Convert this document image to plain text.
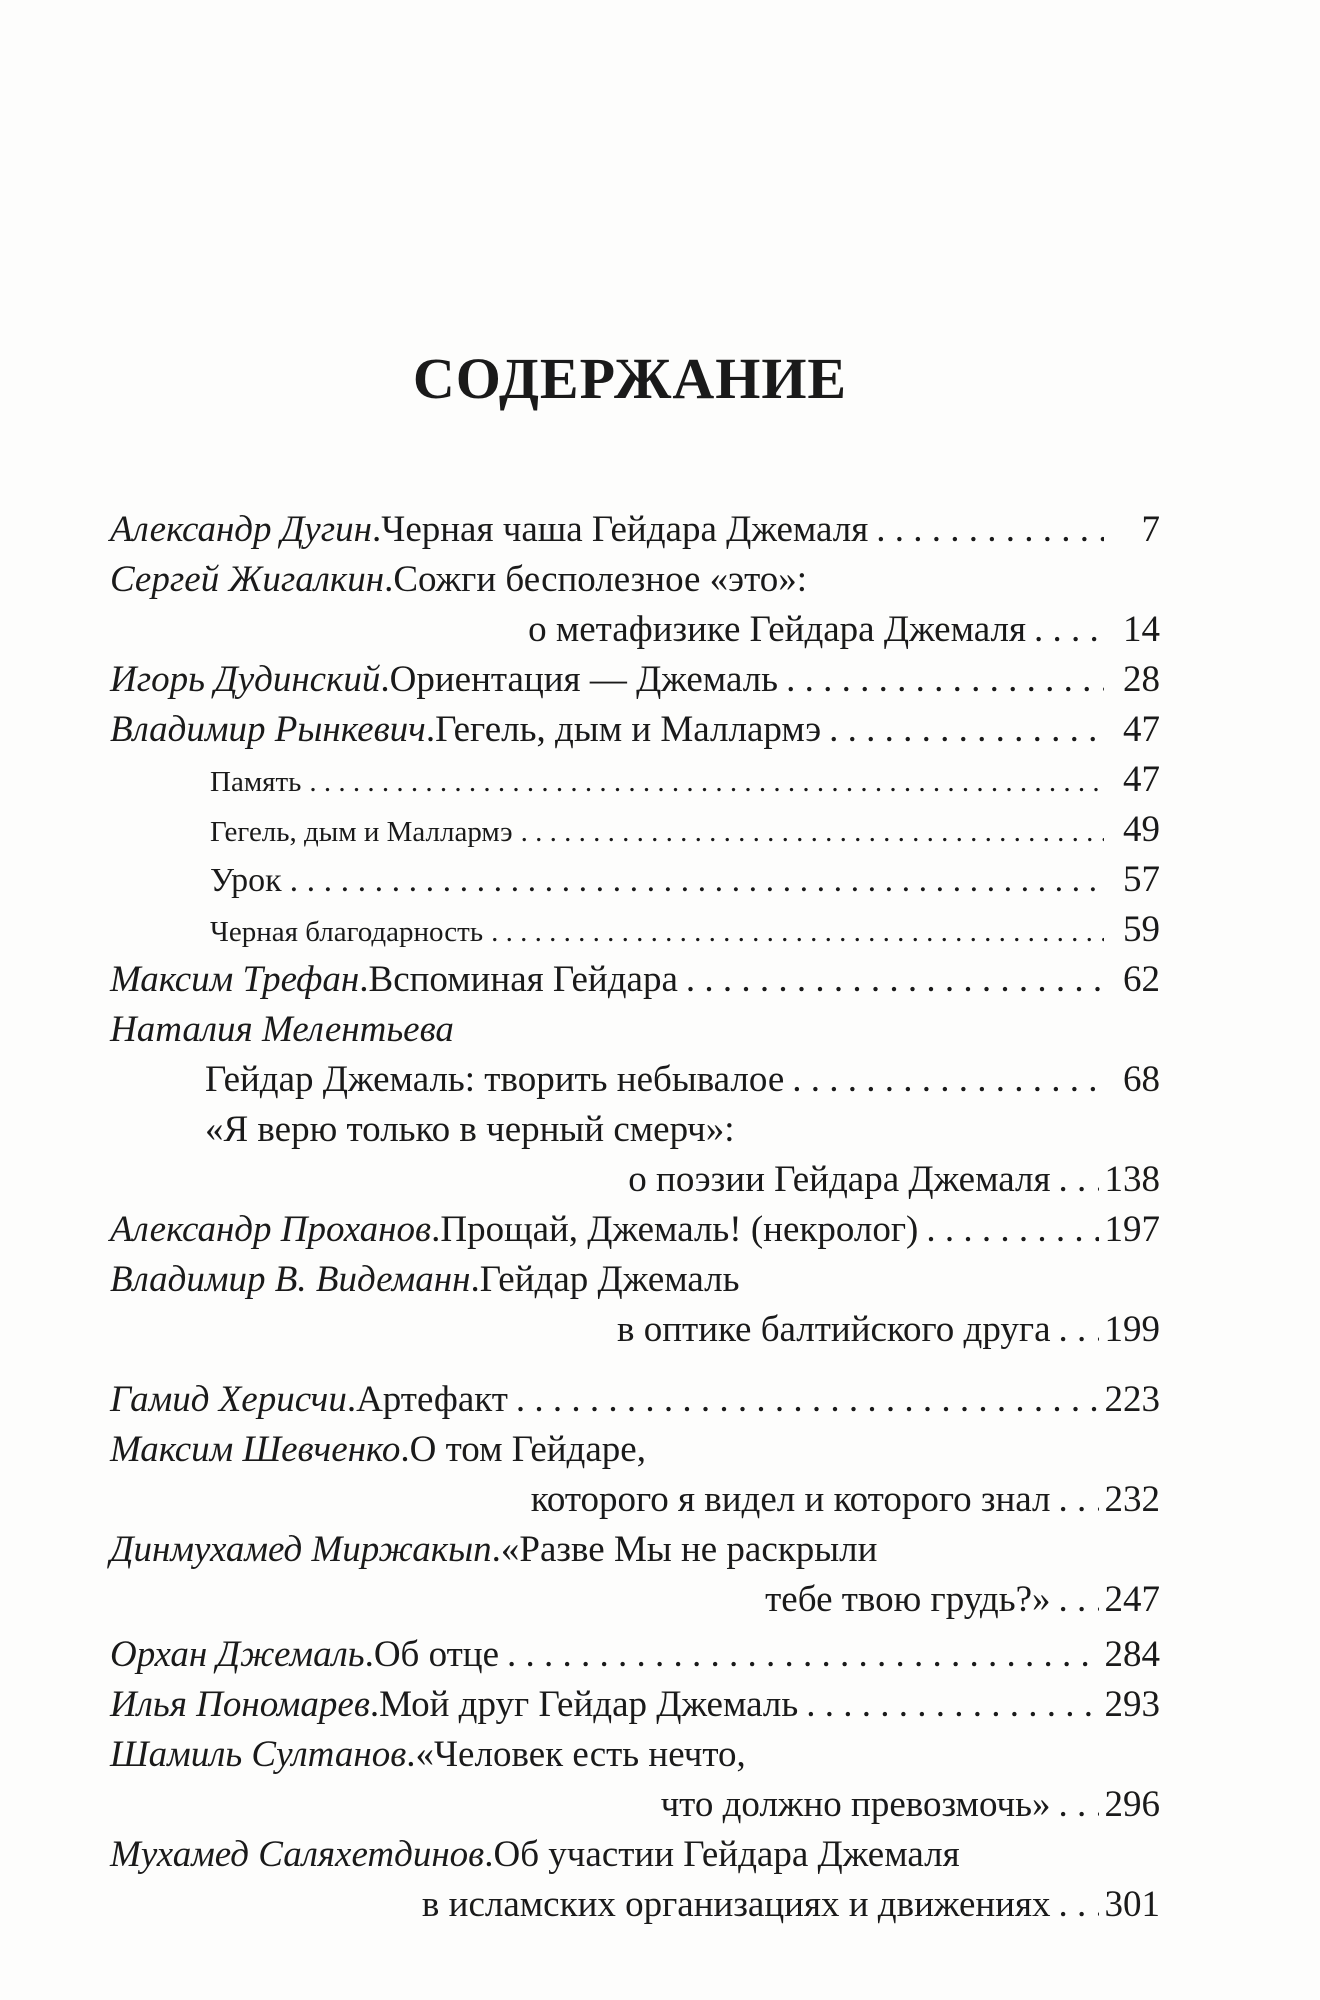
СОДЕРЖАНИЕ
Александр Дугин . Черная чаша Гейдара Джемаля . . .	7
Сергей Жигалкин . Сожги бесполезное «это»:
о метафизике Гейдара Джемаля . . .	14
Игорь Дудинский . Ориентация — Джемаль . . .	28
Владимир Рынкевич . Гегель, дым и Маллармэ . . .	47
Память . . .	47
Гегель, дым и Маллармэ . . .	49
Урок . . .	57
Черная благодарность . . .	59
Максим Трефан . Вспоминая Гейдара . . .	62
Наталия Мелентьева
Гейдар Джемаль: творить небывалое . . .	68
«Я верю только в черный смерч»:
о поэзии Гейдара Джемаля . . . 138
Александр Проханов . Прощай, Джемаль! (некролог) . . .	197
Владимир В. Видеманн . Гейдар Джемаль
в оптике балтийского друга . . . 199
Гамид Херисчи . Артефакт . . .	223
Максим Шевченко . О том Гейдаре,
которого я видел и которого знал . . . 232
Динмухамед Миржакып . «Разве Мы не раскрыли
тебе твою грудь?» . . . 247
Орхан Джемаль . Об отце . . .	284
Илья Пономарев . Мой друг Гейдар Джемаль . . .	293
Шамиль Султанов . «Человек есть нечто,
что должно превозмочь» . . . 296
Мухамед Саляхетдинов . Об участии Гейдара Джемаля
в исламских организациях и движениях . . . 301
